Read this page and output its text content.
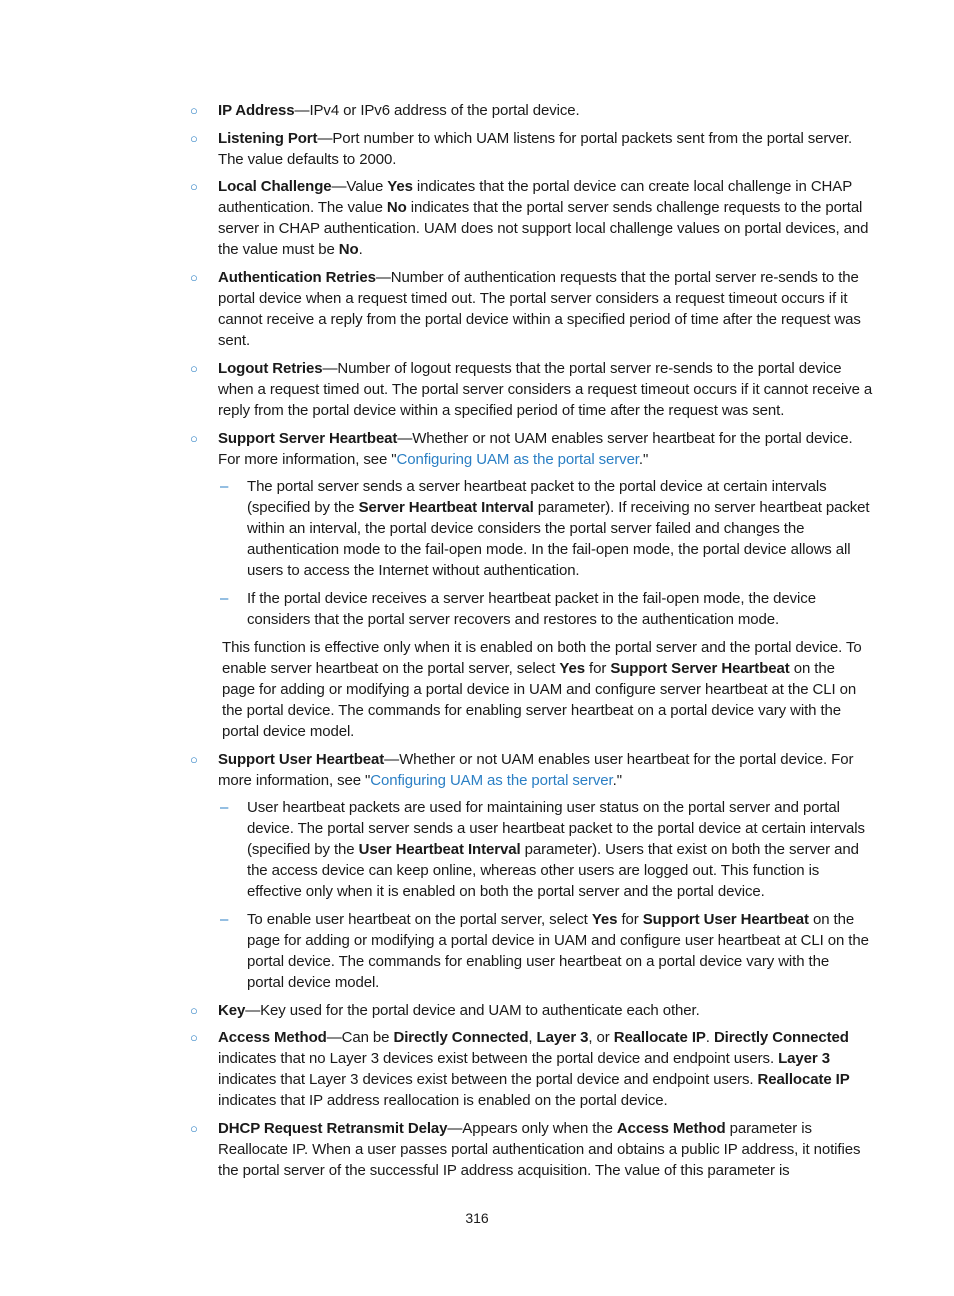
○ IP Address—IPv4 or IPv6 address of the portal device.
○ Listening Port—Port number to which UAM listens for portal packets sent from the portal server. The value defaults to 2000.
○ Local Challenge—Value Yes indicates that the portal device can create local challenge in CHAP authentication. The value No indicates that the portal server sends challenge requests to the portal server in CHAP authentication. UAM does not support local challenge values on portal devices, and the value must be No.
○ Authentication Retries—Number of authentication requests that the portal server re-sends to the portal device when a request timed out. The portal server considers a request timeout occurs if it cannot receive a reply from the portal device within a specified period of time after the request was sent.
○ Logout Retries—Number of logout requests that the portal server re-sends to the portal device when a request timed out. The portal server considers a request timeout occurs if it cannot receive a reply from the portal device within a specified period of time after the request was sent.
○ Support Server Heartbeat—Whether or not UAM enables server heartbeat for the portal device. For more information, see "Configuring UAM as the portal server."
– The portal server sends a server heartbeat packet to the portal device at certain intervals (specified by the Server Heartbeat Interval parameter). If receiving no server heartbeat packet within an interval, the portal device considers the portal server failed and changes the authentication mode to the fail-open mode. In the fail-open mode, the portal device allows all users to access the Internet without authentication.
– If the portal device receives a server heartbeat packet in the fail-open mode, the device considers that the portal server recovers and restores to the authentication mode.
This function is effective only when it is enabled on both the portal server and the portal device. To enable server heartbeat on the portal server, select Yes for Support Server Heartbeat on the page for adding or modifying a portal device in UAM and configure server heartbeat at the CLI on the portal device. The commands for enabling server heartbeat on a portal device vary with the portal device model.
○ Support User Heartbeat—Whether or not UAM enables user heartbeat for the portal device. For more information, see "Configuring UAM as the portal server."
– User heartbeat packets are used for maintaining user status on the portal server and portal device. The portal server sends a user heartbeat packet to the portal device at certain intervals (specified by the User Heartbeat Interval parameter). Users that exist on both the server and the access device can keep online, whereas other users are logged out. This function is effective only when it is enabled on both the portal server and the portal device.
– To enable user heartbeat on the portal server, select Yes for Support User Heartbeat on the page for adding or modifying a portal device in UAM and configure user heartbeat at CLI on the portal device. The commands for enabling user heartbeat on a portal device vary with the portal device model.
○ Key—Key used for the portal device and UAM to authenticate each other.
○ Access Method—Can be Directly Connected, Layer 3, or Reallocate IP. Directly Connected indicates that no Layer 3 devices exist between the portal device and endpoint users. Layer 3 indicates that Layer 3 devices exist between the portal device and endpoint users. Reallocate IP indicates that IP address reallocation is enabled on the portal device.
○ DHCP Request Retransmit Delay—Appears only when the Access Method parameter is Reallocate IP. When a user passes portal authentication and obtains a public IP address, it notifies the portal server of the successful IP address acquisition. The value of this parameter is
316
